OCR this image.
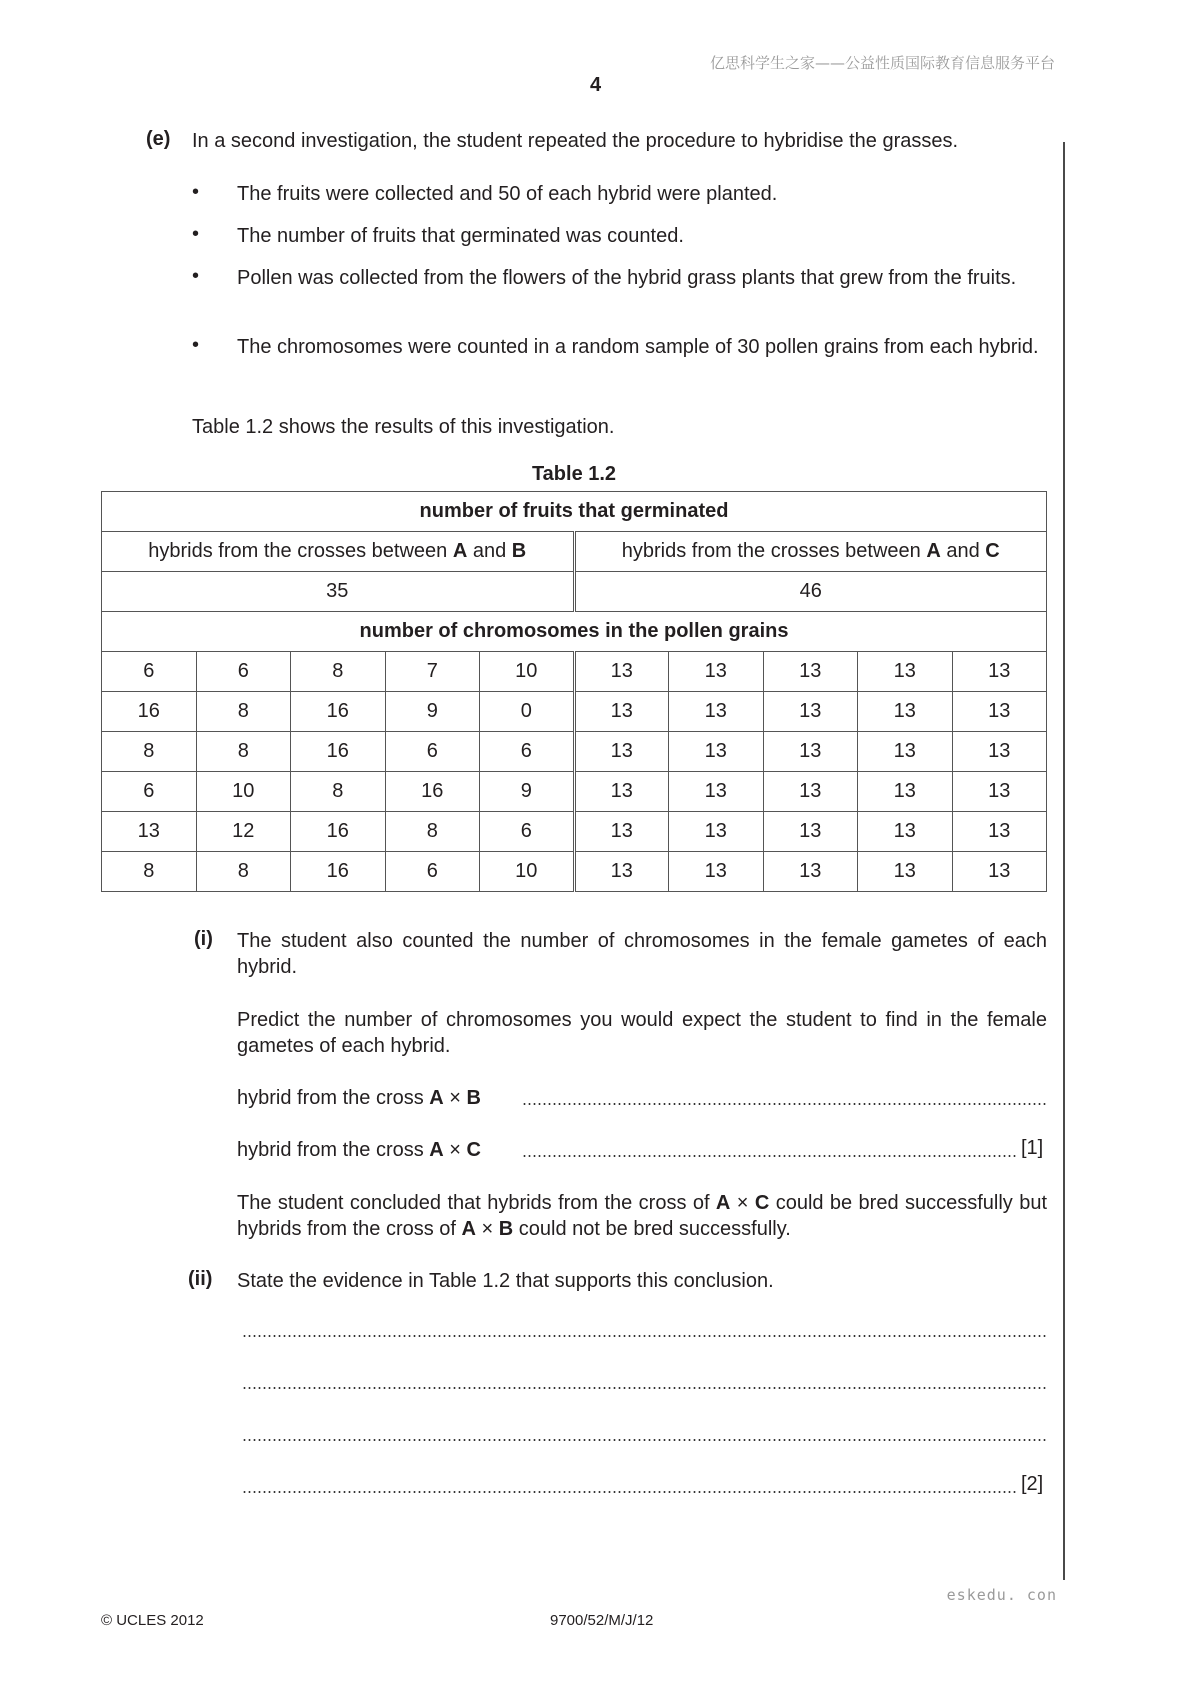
亿思科学生之家——公益性质国际教育信息服务平台
4
(e) In a second investigation, the student repeated the procedure to hybridise the grasses.
• The fruits were collected and 50 of each hybrid were planted.
• The number of fruits that germinated was counted.
• Pollen was collected from the flowers of the hybrid grass plants that grew from the fruits.
• The chromosomes were counted in a random sample of 30 pollen grains from each hybrid.
Table 1.2 shows the results of this investigation.
Table 1.2
number of fruits that germinated									
hybrids from the crosses between A and B					hybrids from the crosses between A and C				
35					46				
number of chromosomes in the pollen grains									
6	6	8	7	10	13	13	13	13	13
16	8	16	9	0	13	13	13	13	13
8	8	16	6	6	13	13	13	13	13
6	10	8	16	9	13	13	13	13	13
13	12	16	8	6	13	13	13	13	13
8	8	16	6	10	13	13	13	13	13
(i) The student also counted the number of chromosomes in the female gametes of each hybrid.
Predict the number of chromosomes you would expect the student to find in the female gametes of each hybrid.
hybrid from the cross A × B
hybrid from the cross A × C	[1]
The student concluded that hybrids from the cross of A × C could be bred successfully but hybrids from the cross of A × B could not be bred successfully.
(ii) State the evidence in Table 1.2 that supports this conclusion.
[2]
eskedu. con
© UCLES 2012	9700/52/M/J/12
